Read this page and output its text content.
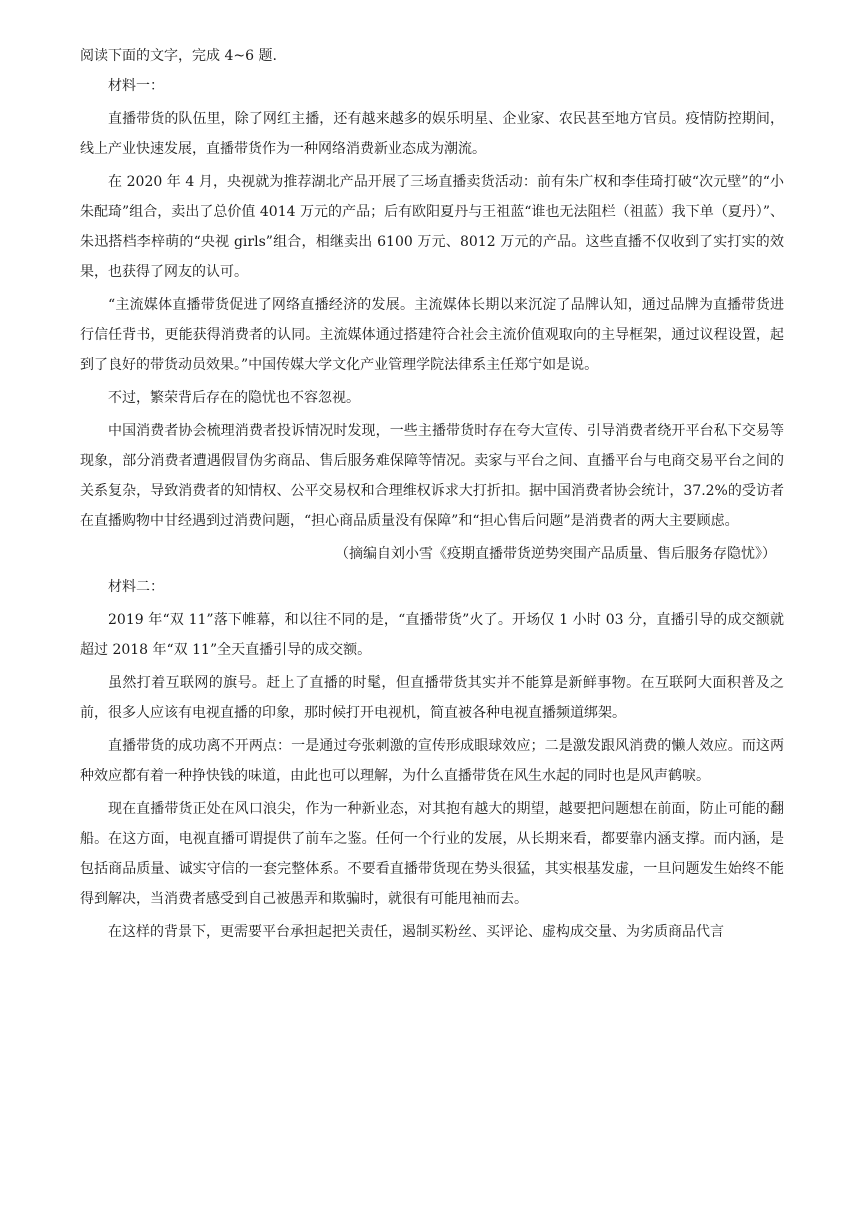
阅读下面的文字，完成 4~6 题.

材料一：

直播带货的队伍里，除了网红主播，还有越来越多的娱乐明星、企业家、农民甚至地方官员。疫情防控期间，线上产业快速发展，直播带货作为一种网络消费新业态成为潮流。

在 2020 年 4 月，央视就为推荐湖北产品开展了三场直播卖货活动：前有朱广权和李佳琦打破“次元壁”的“小朱配琦”组合，卖出了总价值 4014 万元的产品；后有欧阳夏丹与王祖蓝“谁也无法阻栏（祖蓝）我下单（夏丹）”、朱迅搭档李梓萌的“央视 girls”组合，相继卖出 6100 万元、8012 万元的产品。这些直播不仅收到了实打实的效果，也获得了网友的认可。

“主流媒体直播带货促进了网络直播经济的发展。主流媒体长期以来沉淀了品牌认知，通过品牌为直播带货进行信任背书，更能获得消费者的认同。主流媒体通过搭建符合社会主流价值观取向的主导框架，通过议程设置，起到了良好的带货动员效果。”中国传媒大学文化产业管理学院法律系主任郑宁如是说。

不过，繁荣背后存在的隐忧也不容忽视。

中国消费者协会梳理消费者投诉情况时发现，一些主播带货时存在夸大宣传、引导消费者绕开平台私下交易等现象，部分消费者遭遇假冒伪劣商品、售后服务难保障等情况。卖家与平台之间、直播平台与电商交易平台之间的关系复杂，导致消费者的知情权、公平交易权和合理维权诉求大打折扣。据中国消费者协会统计，37.2%的受访者在直播购物中甘经遇到过消费问题，“担心商品质量没有保障”和“担心售后问题”是消费者的两大主要顾虑。

（摘编自刘小雪《疫期直播带货逆势突围产品质量、售后服务存隐忧》）

材料二：

2019 年“双 11”落下帷幕，和以往不同的是，“直播带货”火了。开场仅 1 小时 03 分，直播引导的成交额就超过 2018 年“双 11”全天直播引导的成交额。

虽然打着互联网的旗号。赶上了直播的时髦，但直播带货其实并不能算是新鲜事物。在互联阿大面积普及之前，很多人应该有电视直播的印象，那时候打开电视机，简直被各种电视直播频道绑架。

直播带货的成功离不开两点：一是通过夸张刺激的宣传形成眼球效应；二是激发跟风消费的懒人效应。而这两种效应都有着一种挣快钱的味道，由此也可以理解，为什么直播带货在风生水起的同时也是风声鹤唳。

现在直播带货正处在风口浪尖，作为一种新业态，对其抱有越大的期望，越要把问题想在前面，防止可能的翻船。在这方面，电视直播可谓提供了前车之鉴。任何一个行业的发展，从长期来看，都要靠内涵支撑。而内涵，是包括商品质量、诚实守信的一套完整体系。不要看直播带货现在势头很猛，其实根基发虚，一旦问题发生始终不能得到解决，当消费者感受到自己被愚弄和欺骗时，就很有可能甩袖而去。

在这样的背景下，更需要平台承担起把关责任，遏制买粉丝、买评论、虚构成交量、为劣质商品代言
